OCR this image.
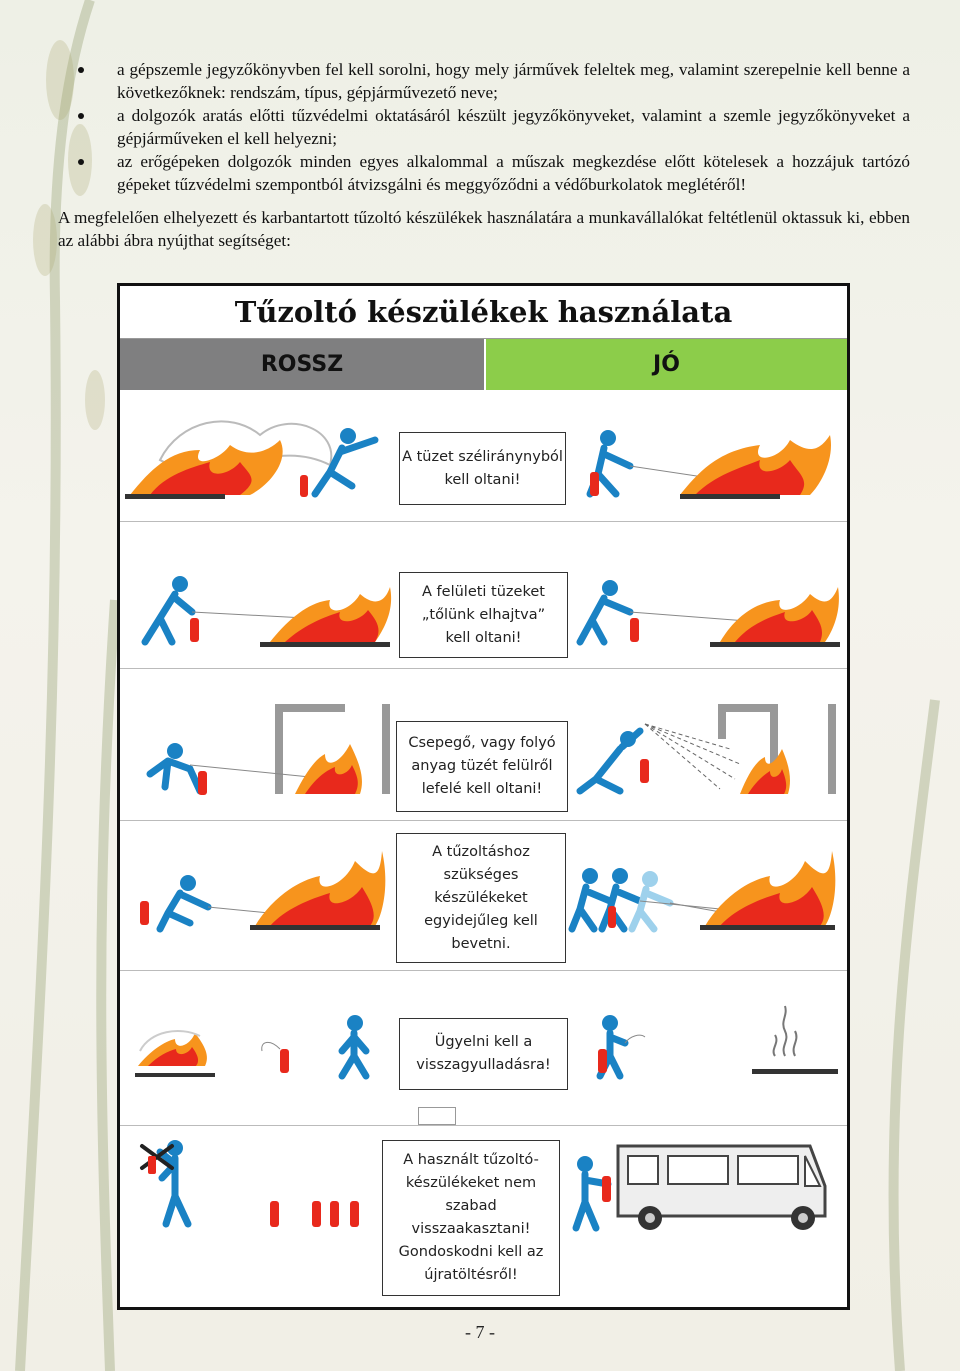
a gépszemle jegyzőkönyvben fel kell sorolni, hogy mely járművek feleltek meg, valamint szerepelnie kell benne a következőknek: rendszám, típus, gépjárművezető neve;
a dolgozók aratás előtti tűzvédelmi oktatásáról készült jegyzőkönyveket, valamint a szemle jegyzőkönyveket a gépjárműveken el kell helyezni;
az erőgépeken dolgozók minden egyes alkalommal a műszak megkezdése előtt kötelesek a hozzájuk tartózó gépeket tűzvédelmi szempontból átvizsgálni és meggyőződni a védőburkolatok meglétéről!

A megfelelően elhelyezett és karbantartott tűzoltó készülékek használatára a munkavállalókat feltétlenül oktassuk ki, ebben az alábbi ábra nyújthat segítséget:

Tűzoltó készülékek használata
ROSSZ	JÓ
A tüzet széliránynyból
kell oltani!
A felületi tüzeket
„tőlünk elhajtva”
kell oltani!
Csepegő, vagy folyó
anyag tüzét felülről
lefelé kell oltani!
A tűzoltáshoz
szükséges
készülékeket
egyidejűleg kell
bevetni.
Ügyelni kell a
visszagyulladásra!
A használt tűzoltó-
készülékeket nem
szabad
visszaakasztani!
Gondoskodni kell az
újratöltésről!
- 7 -
